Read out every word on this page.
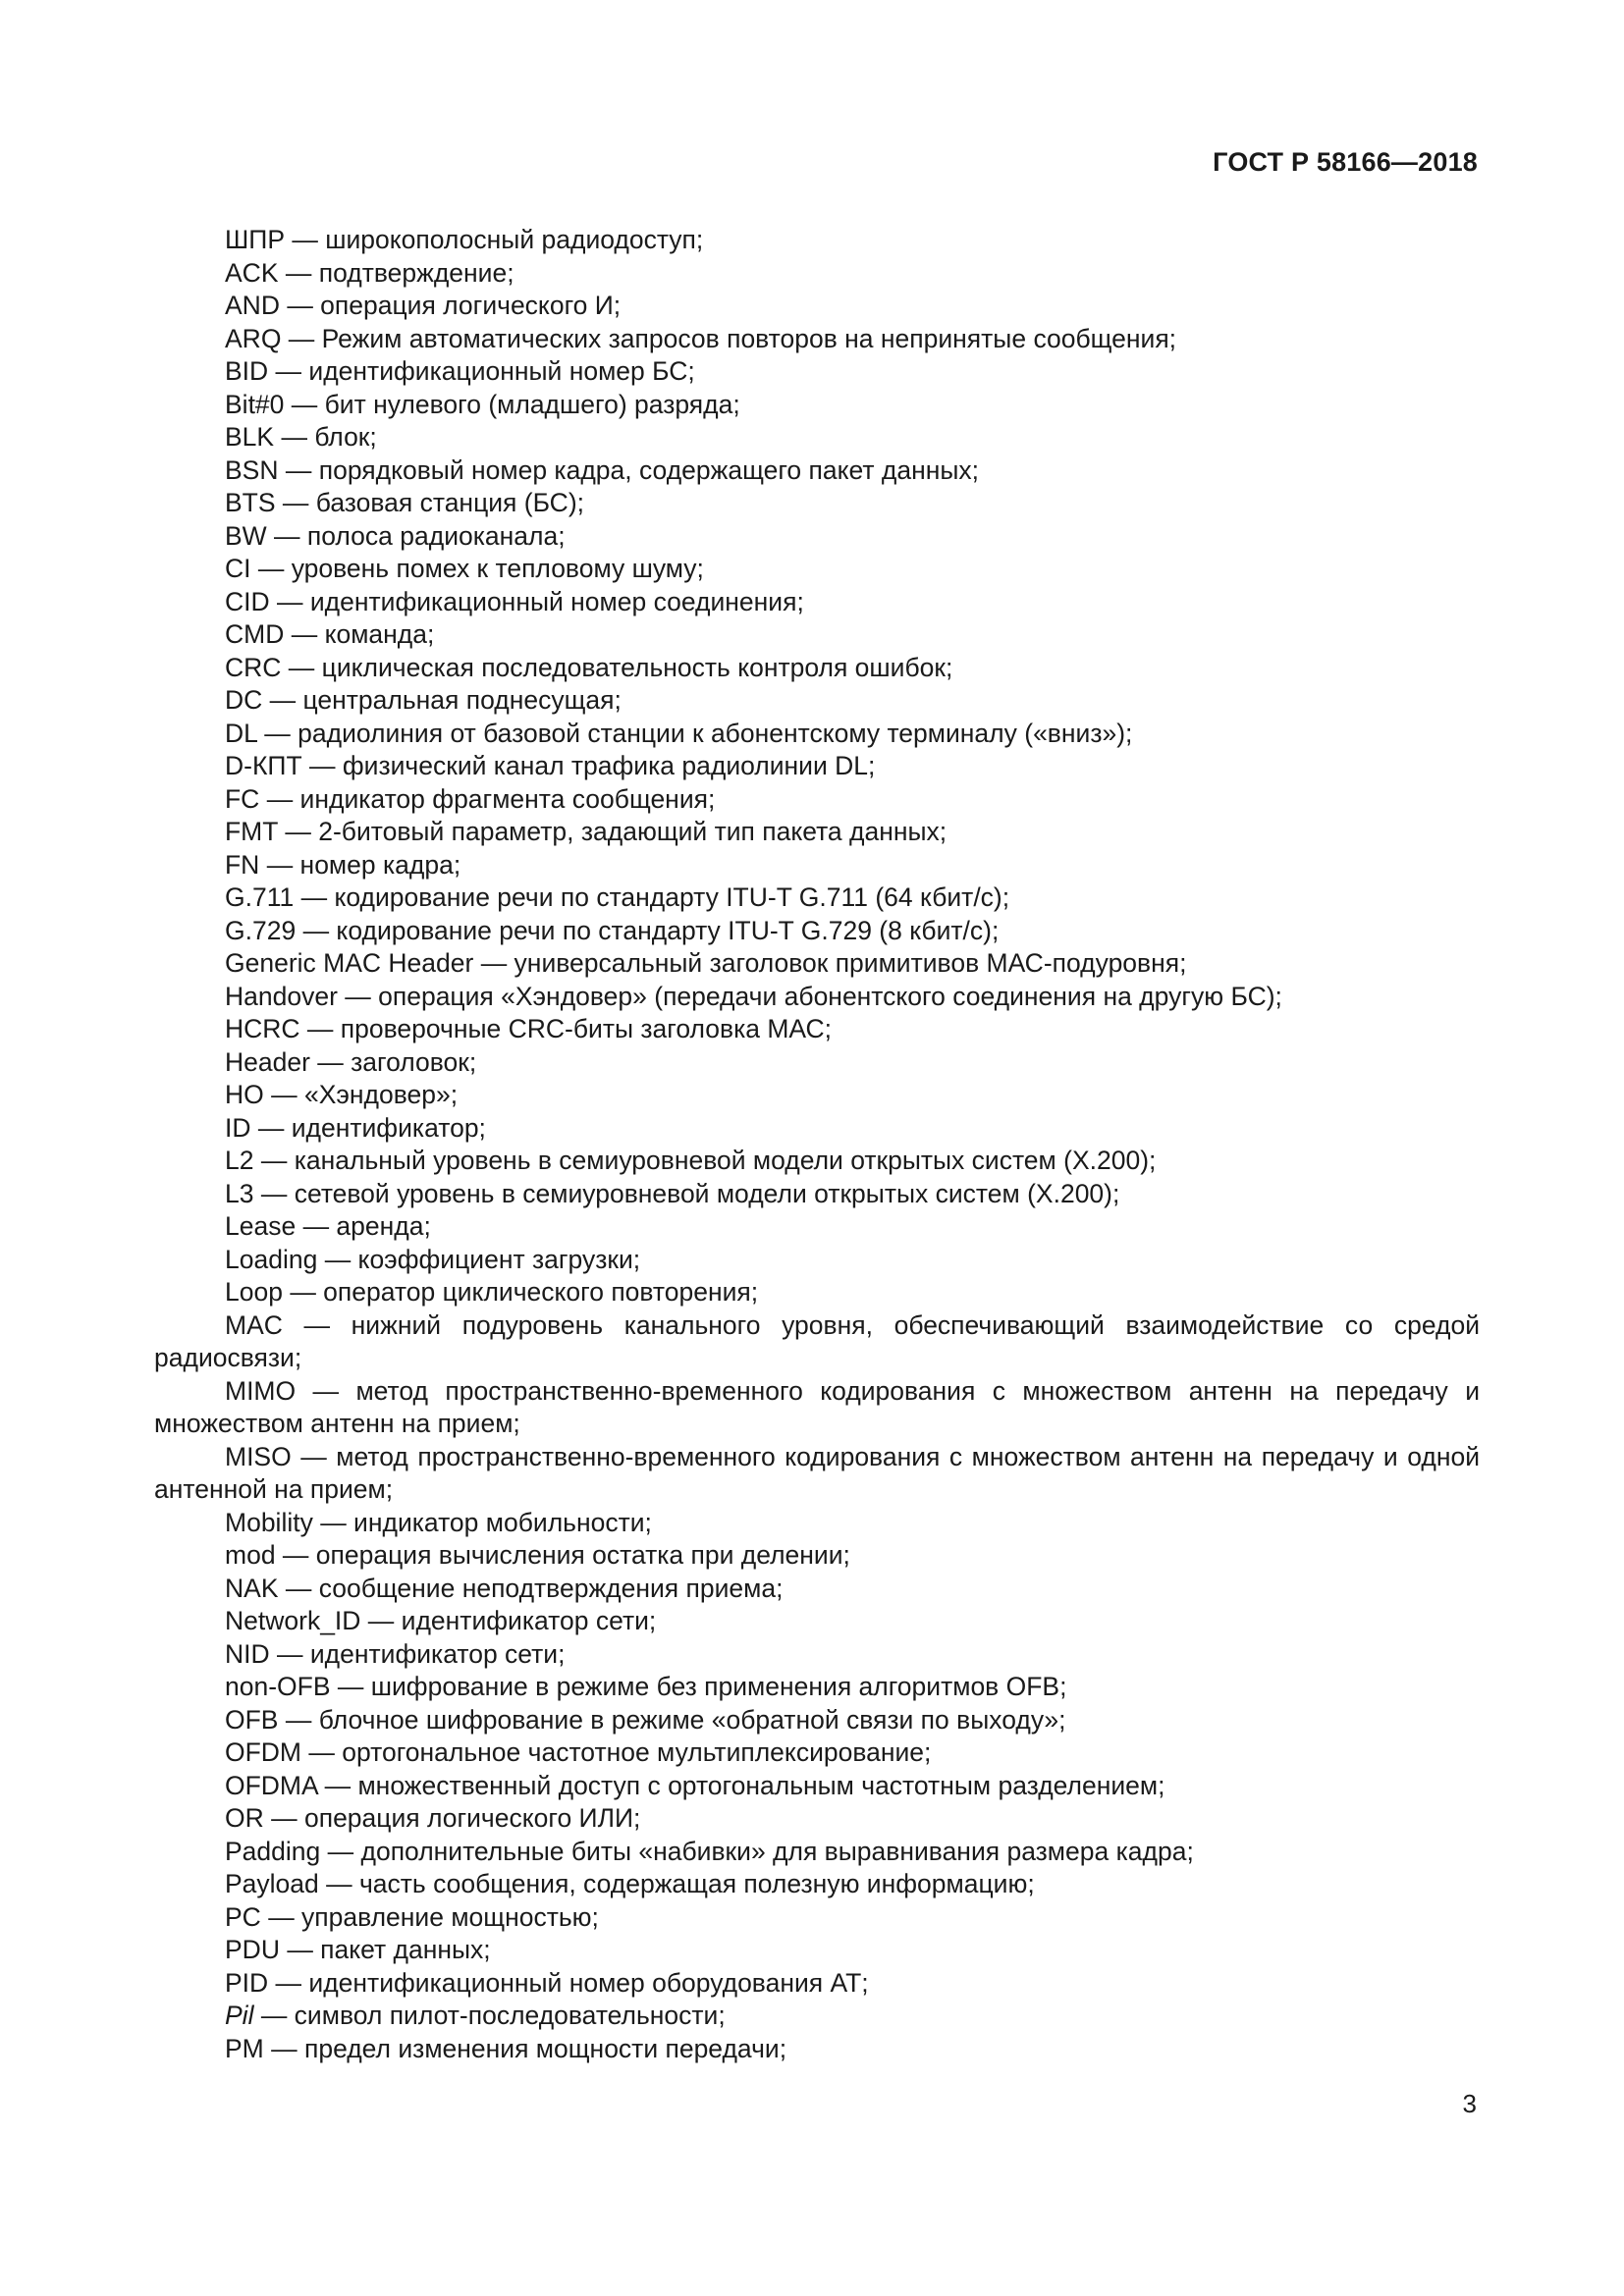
ГОСТ Р 58166—2018

ШПР — широкополосный радиодоступ;

ACK — подтверждение;

AND — операция логического И;

ARQ — Режим автоматических запросов повторов на непринятые сообщения;

BID — идентификационный номер БС;

Bit#0 — бит нулевого (младшего) разряда;

BLK — блок;

BSN — порядковый номер кадра, содержащего пакет данных;

BTS — базовая станция (БС);

BW — полоса радиоканала;

CI — уровень помех к тепловому шуму;

CID — идентификационный номер соединения;

CMD — команда;

CRC — циклическая последовательность контроля ошибок;

DC — центральная поднесущая;

DL — радиолиния от базовой станции к абонентскому терминалу («вниз»);

D-КПТ — физический канал трафика радиолинии DL;

FC — индикатор фрагмента сообщения;

FMT — 2-битовый параметр, задающий тип пакета данных;

FN — номер кадра;

G.711 — кодирование речи по стандарту ITU-T G.711 (64 кбит/с);

G.729 — кодирование речи по стандарту ITU-T G.729 (8 кбит/с);

Generic MAC Header — универсальный заголовок примитивов МАС-подуровня;

Handover — операция «Хэндовер» (передачи абонентского соединения на другую БС);

HCRC — проверочные CRC-биты заголовка МАС;

Header — заголовок;

HO — «Хэндовер»;

ID — идентификатор;

L2 — канальный уровень в семиуровневой модели открытых систем (Х.200);

L3 — сетевой уровень в семиуровневой модели открытых систем (Х.200);

Lease — аренда;

Loading — коэффициент загрузки;

Loop — оператор циклического повторения;

MAC — нижний подуровень канального уровня, обеспечивающий взаимодействие со средой радиосвязи;

MIMO — метод пространственно-временного кодирования с множеством антенн на передачу и множеством антенн на прием;

MISO — метод пространственно-временного кодирования с множеством антенн на передачу и одной антенной на прием;

Mobility — индикатор мобильности;

mod — операция вычисления остатка при делении;

NAK — сообщение неподтверждения приема;

Network_ID — идентификатор сети;

NID — идентификатор сети;

non-OFB — шифрование в режиме без применения алгоритмов OFB;

OFB — блочное шифрование в режиме «обратной связи по выходу»;

OFDM — ортогональное частотное мультиплексирование;

OFDMA — множественный доступ с ортогональным частотным разделением;

OR — операция логического ИЛИ;

Padding — дополнительные биты «набивки» для выравнивания размера кадра;

Payload — часть сообщения, содержащая полезную информацию;

PC — управление мощностью;

PDU — пакет данных;

PID — идентификационный номер оборудования АТ;

Pil — символ пилот-последовательности;

PM — предел изменения мощности передачи;

3
